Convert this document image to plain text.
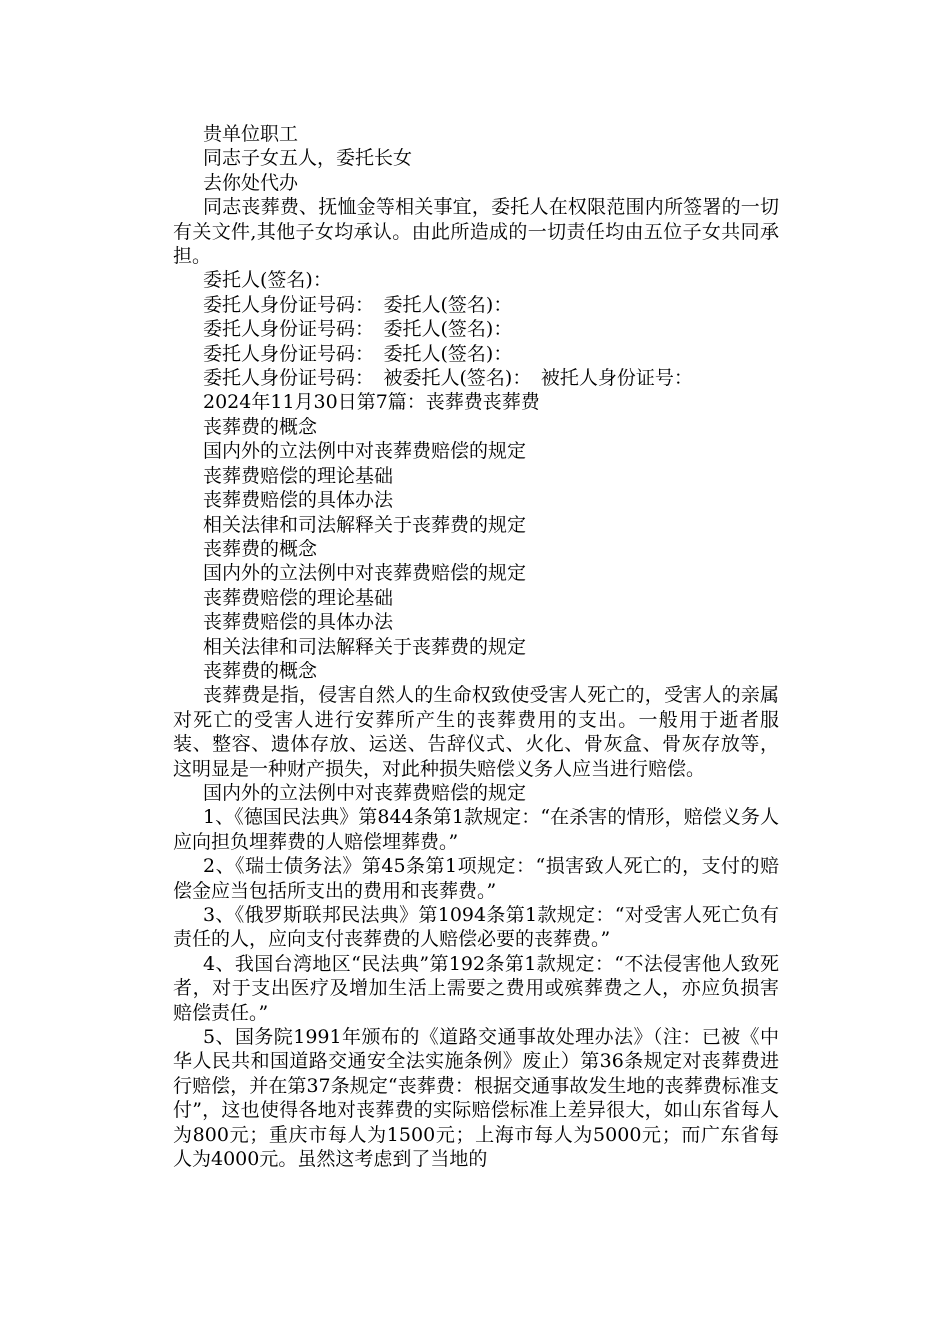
贵单位职工

同志子女五人，委托长女

去你处代办

同志丧葬费、抚恤金等相关事宜，委托人在权限范围内所签署的一切有关文件,其他子女均承认。由此所造成的一切责任均由五位子女共同承担。

委托人(签名)：

委托人身份证号码：　委托人(签名)：

委托人身份证号码：　委托人(签名)：

委托人身份证号码：　委托人(签名)：

委托人身份证号码：　被委托人(签名)：　被托人身份证号：

2024年11月30日第7篇：丧葬费丧葬费

丧葬费的概念

国内外的立法例中对丧葬费赔偿的规定

丧葬费赔偿的理论基础

丧葬费赔偿的具体办法

相关法律和司法解释关于丧葬费的规定

丧葬费的概念

国内外的立法例中对丧葬费赔偿的规定

丧葬费赔偿的理论基础

丧葬费赔偿的具体办法

相关法律和司法解释关于丧葬费的规定

丧葬费的概念

丧葬费是指，侵害自然人的生命权致使受害人死亡的，受害人的亲属对死亡的受害人进行安葬所产生的丧葬费用的支出。一般用于逝者服装、整容、遗体存放、运送、告辞仪式、火化、骨灰盒、骨灰存放等，这明显是一种财产损失，对此种损失赔偿义务人应当进行赔偿。

国内外的立法例中对丧葬费赔偿的规定

1、《德国民法典》第844条第1款规定：“在杀害的情形，赔偿义务人应向担负埋葬费的人赔偿埋葬费。”

2、《瑞士债务法》第45条第1项规定：“损害致人死亡的，支付的赔偿金应当包括所支出的费用和丧葬费。”

3、《俄罗斯联邦民法典》第1094条第1款规定：“对受害人死亡负有责任的人，应向支付丧葬费的人赔偿必要的丧葬费。”

4、我国台湾地区“民法典”第192条第1款规定：“不法侵害他人致死者，对于支出医疗及增加生活上需要之费用或殡葬费之人，亦应负损害赔偿责任。”

5、国务院1991年颁布的《道路交通事故处理办法》（注：已被《中华人民共和国道路交通安全法实施条例》废止）第36条规定对丧葬费进行赔偿，并在第37条规定“丧葬费：根据交通事故发生地的丧葬费标准支付”，这也使得各地对丧葬费的实际赔偿标准上差异很大，如山东省每人为800元；重庆市每人为1500元；上海市每人为5000元；而广东省每人为4000元。虽然这考虑到了当地的
